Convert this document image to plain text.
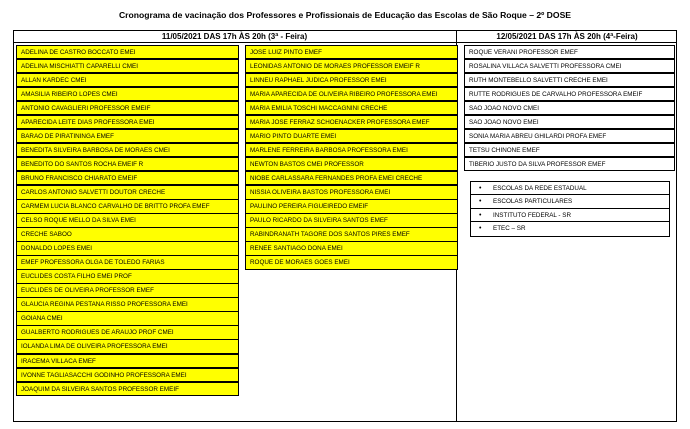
Cronograma de vacinação dos Professores e Profissionais de Educação das Escolas de São Roque – 2º DOSE
11/05/2021 DAS 17h ÀS 20h (3ª - Feira)	12/05/2021 DAS 17h ÀS 20h (4ª-Feira)
ADELINA DE CASTRO BOCCATO EMEI
ADELINA MISCHIATTI CAPARELLI CMEI
ALLAN KARDEC CMEI
AMASILIA RIBEIRO LOPES CMEI
ANTONIO CAVAGLIERI PROFESSOR EMEIF
APARECIDA LEITE DIAS PROFESSORA EMEI
BARAO DE PIRATININGA EMEF
BENEDITA SILVEIRA BARBOSA DE MORAES CMEI
BENEDITO DO SANTOS ROCHA EMEIF R
BRUNO FRANCISCO CHIARATO EMEIF
CARLOS ANTONIO SALVETTI DOUTOR CRECHE
CARMEM LUCIA BLANCO CARVALHO DE BRITTO PROFA EMEF
CELSO ROQUE MELLO DA SILVA EMEI
CRECHE SABOO
DONALDO LOPES EMEI
EMEF PROFESSORA OLGA DE TOLEDO FARIAS
EUCLIDES COSTA FILHO EMEI PROF
EUCLIDES DE OLIVEIRA PROFESSOR EMEF
GLAUCIA REGINA PESTANA RISSO PROFESSORA EMEI
GOIANA CMEI
GUALBERTO RODRIGUES DE ARAUJO PROF CMEI
IOLANDA LIMA DE OLIVEIRA PROFESSORA EMEI
IRACEMA VILLACA EMEF
IVONNE TAGLIASACCHI GODINHO PROFESSORA EMEI
JOAQUIM DA SILVEIRA SANTOS PROFESSOR EMEIF
JOSE LUIZ PINTO EMEF
LEONIDAS ANTONIO DE MORAES PROFESSOR EMEIF R
LINNEU RAPHAEL JUDICA PROFESSOR EMEI
MARIA APARECIDA DE OLIVEIRA RIBEIRO PROFESSORA EMEI
MARIA EMILIA TOSCHI MACCAGNINI CRECHE
MARIA JOSE FERRAZ SCHOENACKER PROFESSORA EMEF
MARIO PINTO DUARTE EMEI
MARLENE FERREIRA BARBOSA PROFESSORA EMEI
NEWTON BASTOS CMEI PROFESSOR
NIOBE CARLASSARA FERNANDES PROFA EMEI CRECHE
NISSIA OLIVEIRA BASTOS PROFESSORA EMEI
PAULINO PEREIRA FIGUEIREDO EMEIF
PAULO RICARDO DA SILVEIRA SANTOS EMEF
RABINDRANATH TAGORE DOS SANTOS PIRES EMEF
RENEE SANTIAGO DONA EMEI
ROQUE DE MORAES GOES EMEI
ROQUE VERANI PROFESSOR EMEF
ROSALINA VILLACA SALVETTI PROFESSORA CMEI
RUTH MONTEBELLO SALVETTI CRECHE EMEI
RUTTE RODRIGUES DE CARVALHO PROFESSORA EMEIF
SAO JOAO NOVO CMEI
SAO JOAO NOVO EMEI
SONIA MARIA ABREU GHILARDI PROFA EMEF
TETSU CHINONE EMEF
TIBERIO JUSTO DA SILVA PROFESSOR EMEF
• ESCOLAS DA REDE ESTADUAL
• ESCOLAS PARTICULARES
• INSTITUTO FEDERAL - SR
• ETEC – SR
